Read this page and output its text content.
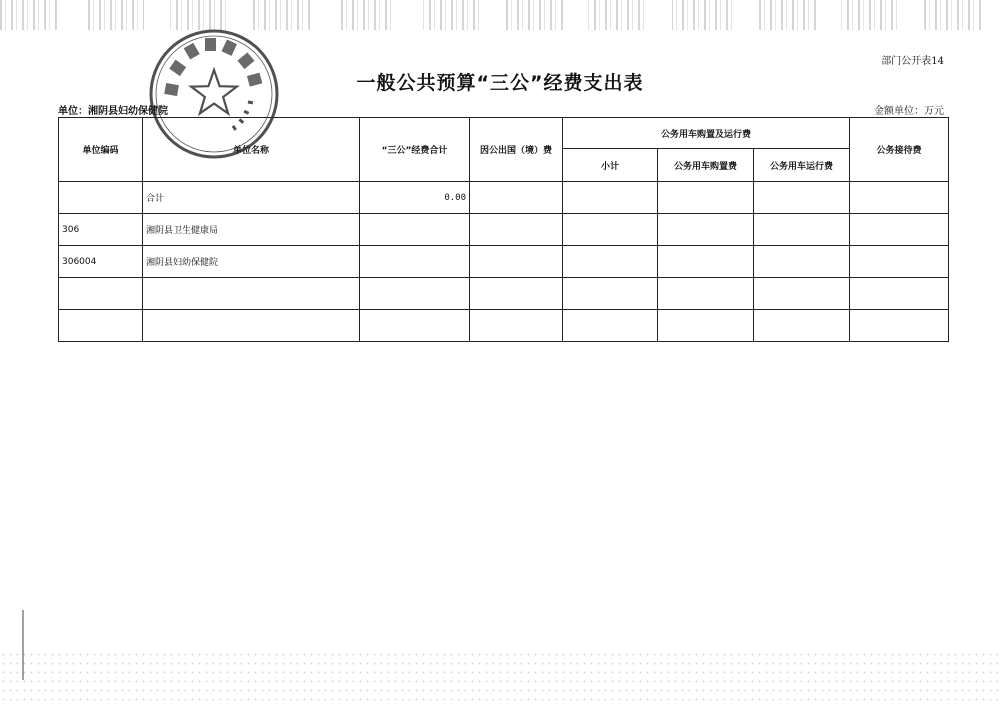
部门公开表14
一般公共预算“三公”经费支出表
单位：湘阴县妇幼保健院	金额单位：万元
单位编码	单位名称	“三公”经费合计	因公出国（境）费	公务用车购置及运行费			公务接待费
				小计	公务用车购置费	公务用车运行费	
	合计	0.00					
306	湘阴县卫生健康局						
306004	湘阴县妇幼保健院						
